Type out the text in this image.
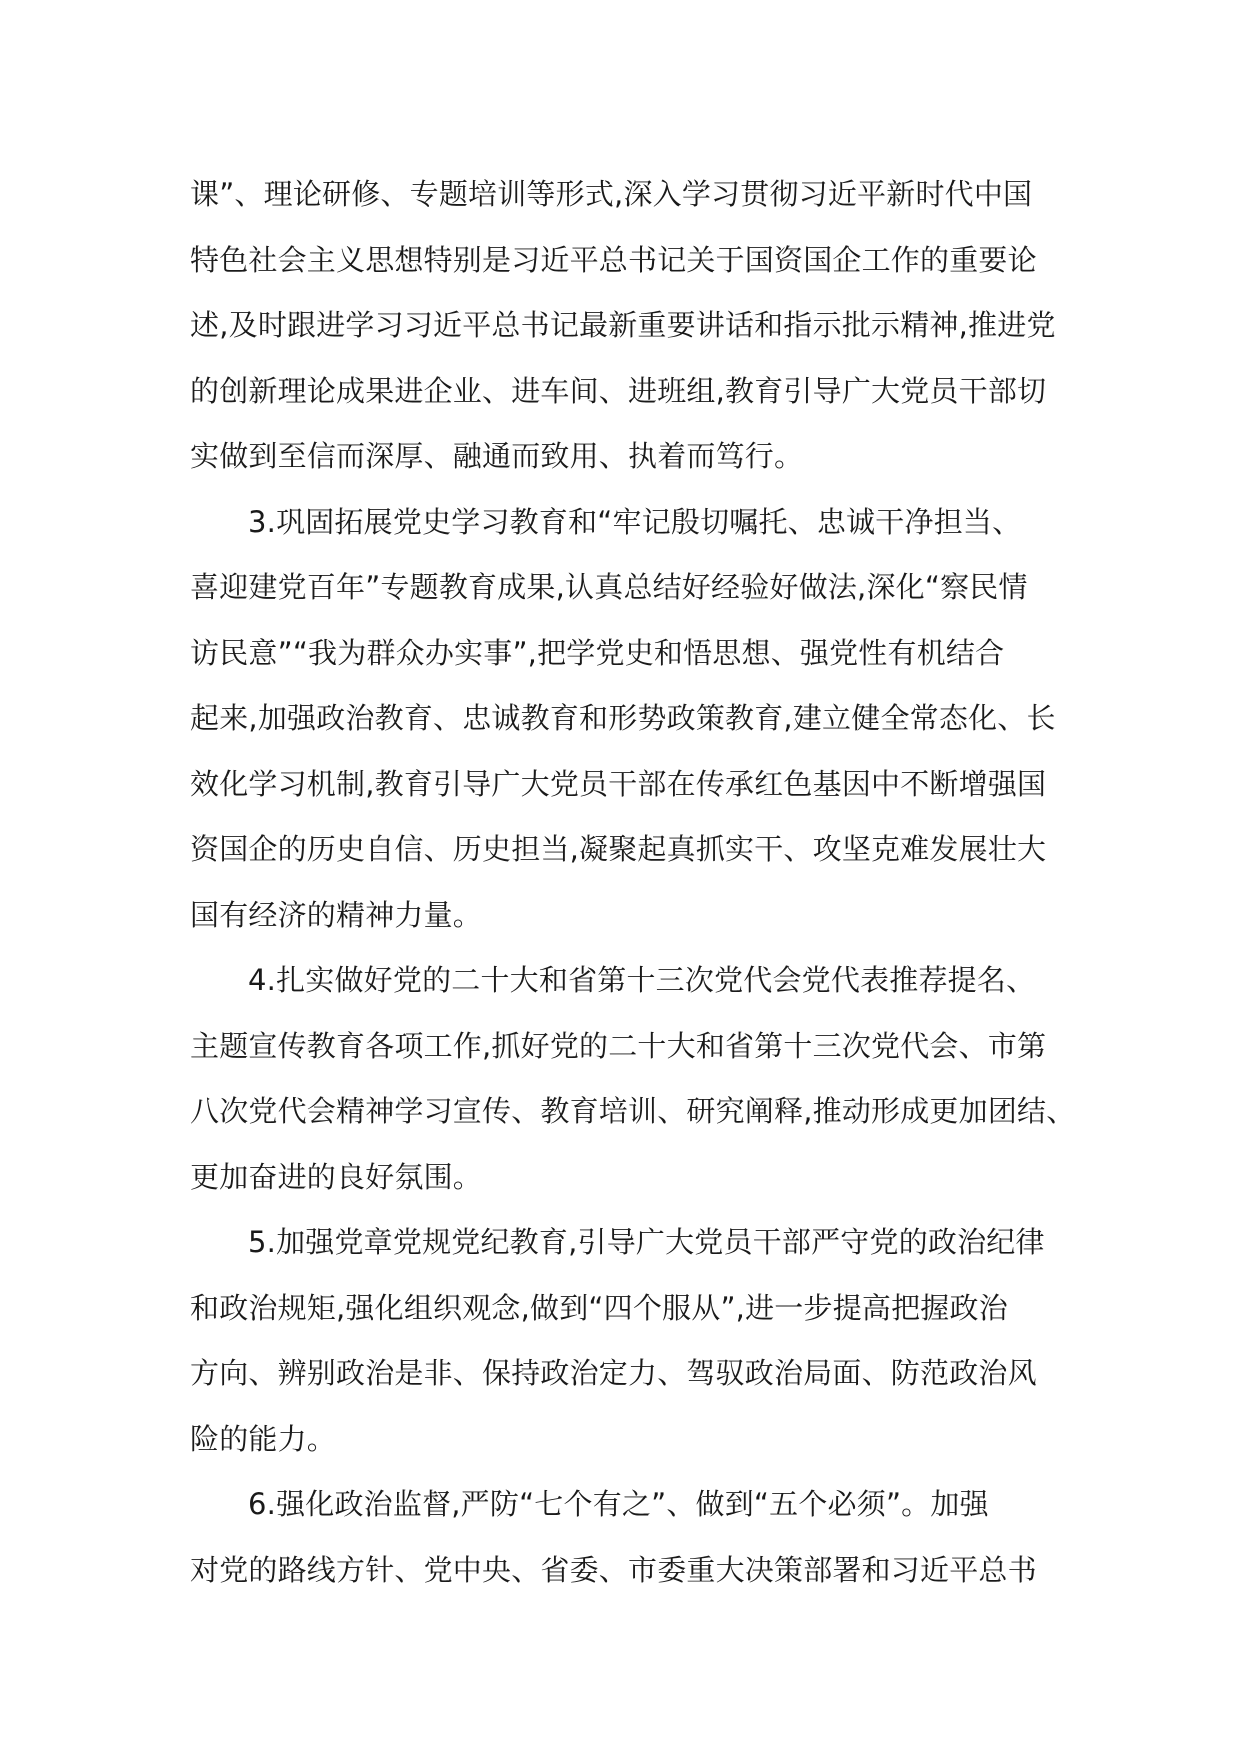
课”、理论研修、专题培训等形式,深入学习贯彻习近平新时代中国
特色社会主义思想特别是习近平总书记关于国资国企工作的重要论
述,及时跟进学习习近平总书记最新重要讲话和指示批示精神,推进党
的创新理论成果进企业、进车间、进班组,教育引导广大党员干部切
实做到至信而深厚、融通而致用、执着而笃行。
3.巩固拓展党史学习教育和“牢记殷切嘱托、忠诚干净担当、
喜迎建党百年”专题教育成果,认真总结好经验好做法,深化“察民情
访民意”“我为群众办实事”,把学党史和悟思想、强党性有机结合
起来,加强政治教育、忠诚教育和形势政策教育,建立健全常态化、长
效化学习机制,教育引导广大党员干部在传承红色基因中不断增强国
资国企的历史自信、历史担当,凝聚起真抓实干、攻坚克难发展壮大
国有经济的精神力量。
4.扎实做好党的二十大和省第十三次党代会党代表推荐提名、
主题宣传教育各项工作,抓好党的二十大和省第十三次党代会、市第
八次党代会精神学习宣传、教育培训、研究阐释,推动形成更加团结、
更加奋进的良好氛围。
5.加强党章党规党纪教育,引导广大党员干部严守党的政治纪律
和政治规矩,强化组织观念,做到“四个服从”,进一步提高把握政治
方向、辨别政治是非、保持政治定力、驾驭政治局面、防范政治风
险的能力。
6.强化政治监督,严防“七个有之”、做到“五个必须”。加强
对党的路线方针、党中央、省委、市委重大决策部署和习近平总书
